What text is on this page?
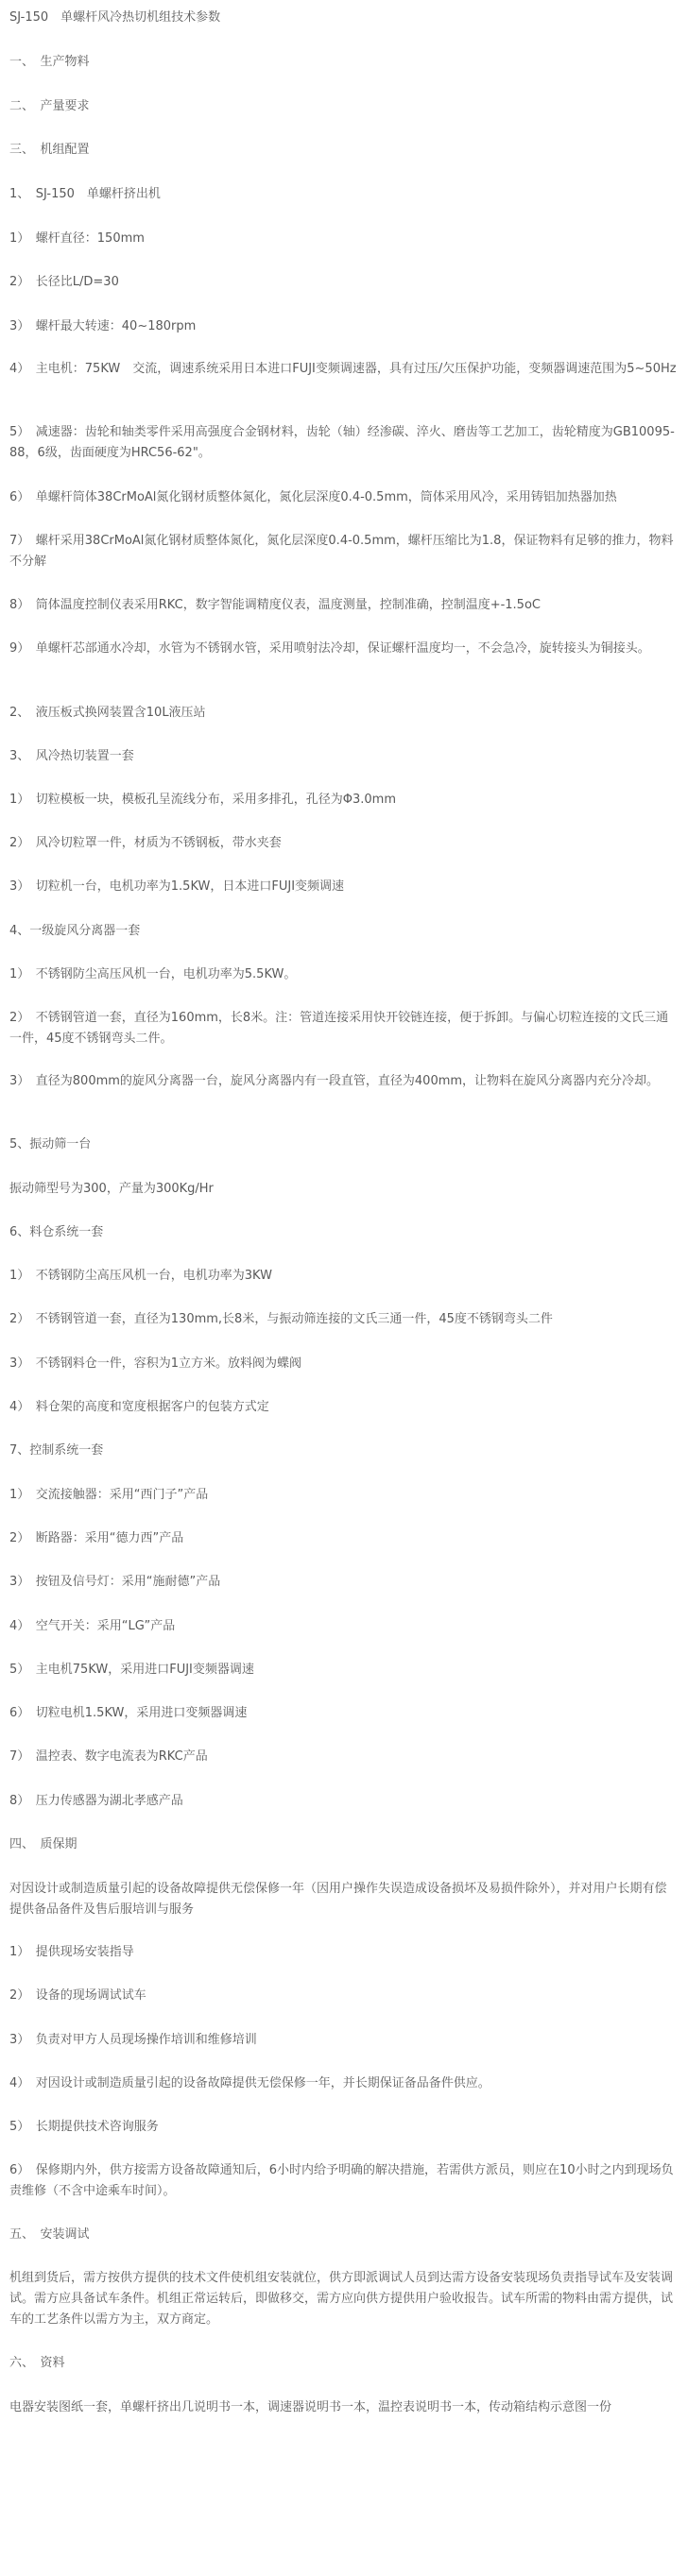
SJ-150　单螺杆风冷热切机组技术参数

一、　生产物料

二、　产量要求

三、　机组配置

1、　SJ-150　单螺杆挤出机

1）　螺杆直径：150mm

2）　长径比L/D=30

3）　螺杆最大转速：40~180rpm

4）　主电机：75KW　交流，调速系统采用日本进口FUJI变频调速器，具有过压/欠压保护功能，变频器调速范围为5~50Hz

5）　减速器：齿轮和轴类零件采用高强度合金钢材料，齿轮（轴）经渗碳、淬火、磨齿等工艺加工，齿轮精度为GB10095-88，6级，齿面硬度为HRC56-62"。

6）　单螺杆筒体38CrMoAl氮化钢材质整体氮化，氮化层深度0.4-0.5mm，筒体采用风冷，采用铸铝加热器加热

7）　螺杆采用38CrMoAl氮化钢材质整体氮化，氮化层深度0.4-0.5mm，螺杆压缩比为1.8，保证物料有足够的推力，物料不分解

8）　筒体温度控制仪表采用RKC，数字智能调精度仪表，温度测量，控制准确，控制温度+-1.5oC

9）　单螺杆芯部通水冷却，水管为不锈钢水管，采用喷射法冷却，保证螺杆温度均一，不会急冷，旋转接头为铜接头。

2、　液压板式换网装置含10L液压站

3、　风冷热切装置一套

1）　切粒模板一块，模板孔呈流线分布，采用多排孔，孔径为Φ3.0mm

2）　风冷切粒罩一件，材质为不锈钢板，带水夹套

3）　切粒机一台，电机功率为1.5KW，日本进口FUJI变频调速

4、一级旋风分离器一套

1）　不锈钢防尘高压风机一台，电机功率为5.5KW。

2）　不锈钢管道一套，直径为160mm，长8米。注：管道连接采用快开铰链连接，便于拆卸。与偏心切粒连接的文氏三通一件，45度不锈钢弯头二件。

3）　直径为800mm的旋风分离器一台，旋风分离器内有一段直管，直径为400mm，让物料在旋风分离器内充分冷却。

5、振动筛一台

振动筛型号为300，产量为300Kg/Hr

6、料仓系统一套

1）　不锈钢防尘高压风机一台，电机功率为3KW

2）　不锈钢管道一套，直径为130mm,长8米，与振动筛连接的文氏三通一件，45度不锈钢弯头二件

3）　不锈钢料仓一件，容积为1立方米。放料阀为蝶阀

4）　料仓架的高度和宽度根据客户的包装方式定

7、控制系统一套

1）　交流接触器：采用“西门子”产品

2）　断路器：采用“德力西”产品

3）　按钮及信号灯：采用“施耐德”产品

4）　空气开关：采用“LG”产品

5）　主电机75KW，采用进口FUJI变频器调速

6）　切粒电机1.5KW，采用进口变频器调速

7）　温控表、数字电流表为RKC产品

8）　压力传感器为湖北孝感产品

四、　质保期

对因设计或制造质量引起的设备故障提供无偿保修一年（因用户操作失误造成设备损坏及易损件除外），并对用户长期有偿提供备品备件及售后服培训与服务

1）　提供现场安装指导

2）　设备的现场调试试车

3）　负责对甲方人员现场操作培训和维修培训

4）　对因设计或制造质量引起的设备故障提供无偿保修一年，并长期保证备品备件供应。

5）　长期提供技术咨询服务

6）　保修期内外，供方接需方设备故障通知后，6小时内给予明确的解决措施，若需供方派员，则应在10小时之内到现场负责维修（不含中途乘车时间）。

五、　安装调试

机组到货后，需方按供方提供的技术文件使机组安装就位，供方即派调试人员到达需方设备安装现场负责指导试车及安装调试。需方应具备试车条件。机组正常运转后，即做移交，需方应向供方提供用户验收报告。试车所需的物料由需方提供，试车的工艺条件以需方为主，双方商定。

六、　资料

电器安装图纸一套，单螺杆挤出几说明书一本，调速器说明书一本，温控表说明书一本，传动箱结构示意图一份
